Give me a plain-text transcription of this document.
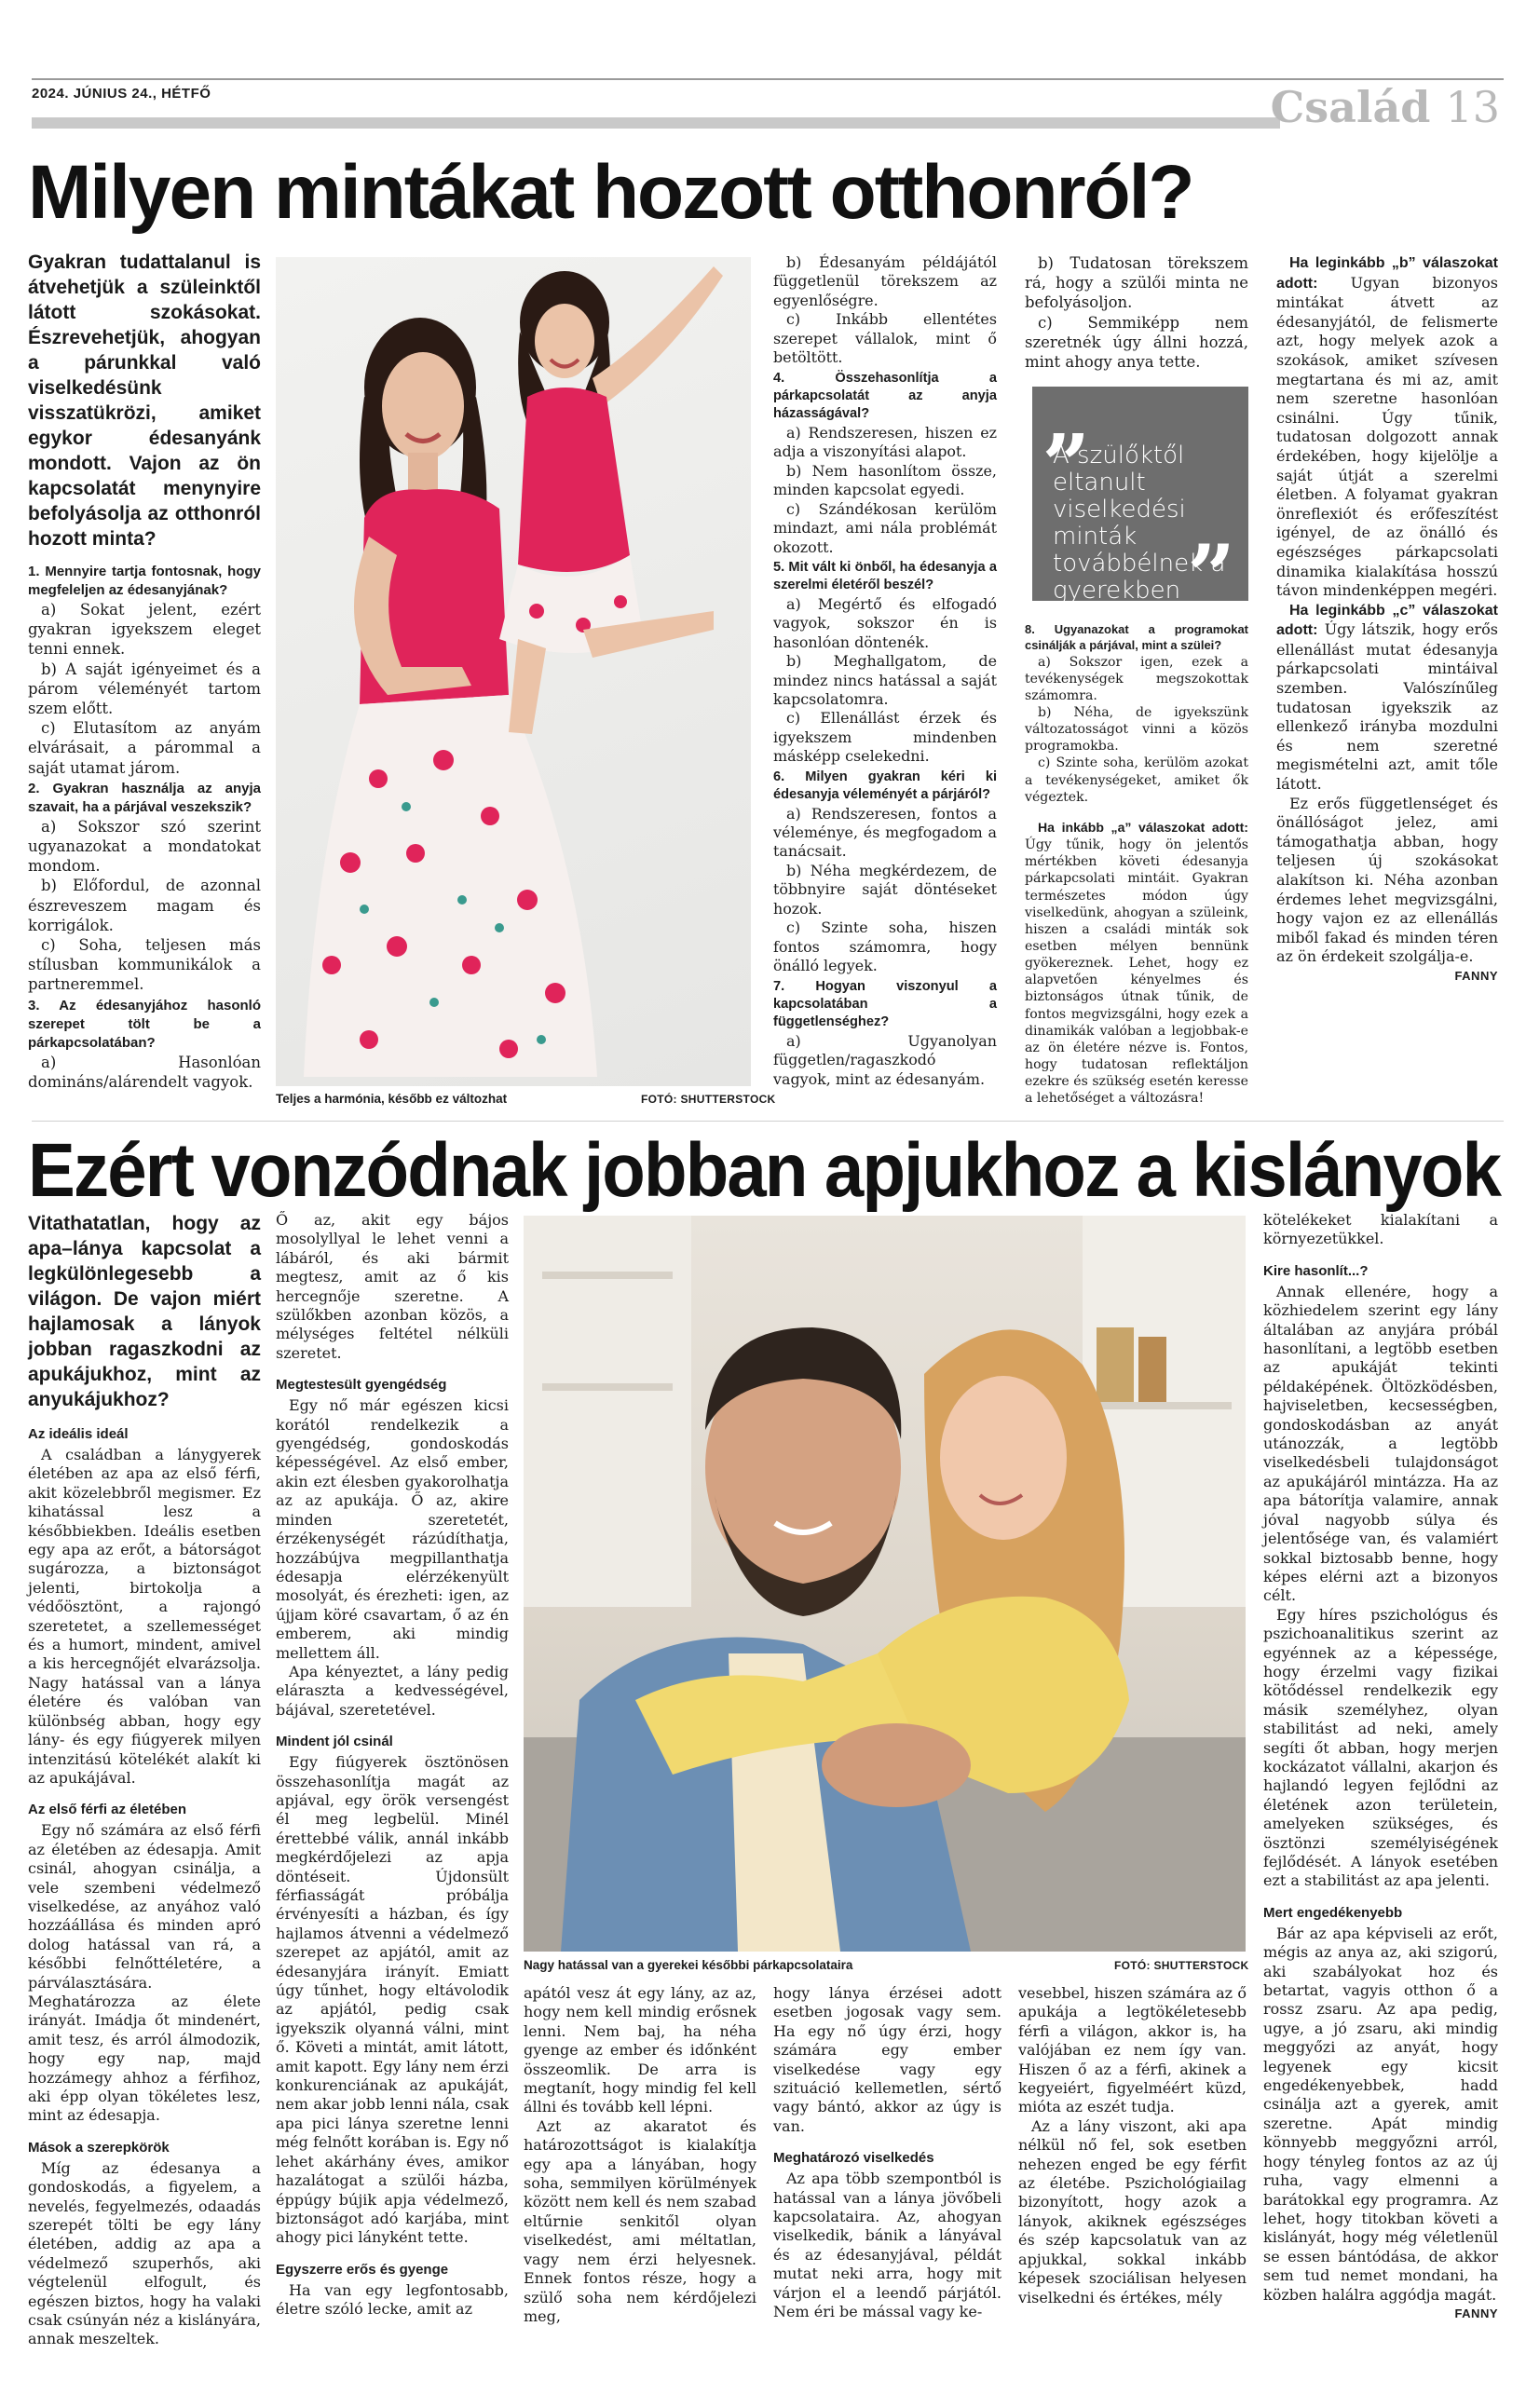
2024. JÚNIUS 24., HÉTFŐ	Család 13
Milyen mintákat hozott otthonról?
Gyakran tudattalanul is átvehetjük a szüleinktől látott szokásokat. Észrevehetjük, ahogyan a párunkkal való viselkedésünk visszatükrözi, amiket egykor édesanyánk mondott. Vajon az ön kapcsolatát menynyire befolyásolja az otthonról hozott minta?
1. Mennyire tartja fontosnak, hogy megfeleljen az édesanyjának?

a) Sokat jelent, ezért gyakran igyekszem eleget tenni ennek.

b) A saját igényeimet és a párom véleményét tartom szem előtt.

c) Elutasítom az anyám elvárásait, a párommal a saját utamat járom.

2. Gyakran használja az anyja szavait, ha a párjával veszekszik?

a) Sokszor szó szerint ugyanazokat a mondatokat mondom.

b) Előfordul, de azonnal észreveszem magam és korrigálok.

c) Soha, teljesen más stílusban kommunikálok a partneremmel.

3. Az édesanyjához hasonló szerepet tölt be a párkapcsolatában?

a) Hasonlóan domináns/alárendelt vagyok.

Teljes a harmónia, később ez változhat	FOTÓ: SHUTTERSTOCK

b) Édesanyám példájától függetlenül törekszem az egyenlőségre.

c) Inkább ellentétes szerepet vállalok, mint ő betöltött.

4. Összehasonlítja a párkapcsolatát az anyja házasságával?

a) Rendszeresen, hiszen ez adja a viszonyítási alapot.

b) Nem hasonlítom össze, minden kapcsolat egyedi.

c) Szándékosan kerülöm mindazt, ami nála problémát okozott.

5. Mit vált ki önből, ha édesanyja a szerelmi életéről beszél?

a) Megértő és elfogadó vagyok, sokszor én is hasonlóan döntenék.

b) Meghallgatom, de mindez nincs hatással a saját kapcsolatomra.

c) Ellenállást érzek és igyekszem mindenben másképp cselekedni.

6. Milyen gyakran kéri ki édesanyja véleményét a párjáról?

a) Rendszeresen, fontos a véleménye, és megfogadom a tanácsait.

b) Néha megkérdezem, de többnyire saját döntéseket hozok.

c) Szinte soha, hiszen fontos számomra, hogy önálló legyek.

7. Hogyan viszonyul a kapcsolatában a függetlenséghez?

a) Ugyanolyan független/ragaszkodó vagyok, mint az édesanyám.

b) Tudatosan törekszem rá, hogy a szülői minta ne befolyásoljon.

c) Semmiképp nem szeretnék úgy állni hozzá, mint ahogy anya tette.

„
A szülőktől eltanult viselkedési minták továbbélnek a gyerekben ”
8. Ugyanazokat a programokat csinálják a párjával, mint a szülei?

a) Sokszor igen, ezek a tevékenységek megszokottak számomra.

b) Néha, de igyekszünk változatosságot vinni a közös programokba.

c) Szinte soha, kerülöm azokat a tevékenységeket, amiket ők végeztek.

Ha inkább „a” válaszokat adott: Úgy tűnik, hogy ön jelentős mértékben követi édesanyja párkapcsolati mintáit. Gyakran természetes módon úgy viselkedünk, ahogyan a szüleink, hiszen a családi minták sok esetben mélyen bennünk gyökereznek. Lehet, hogy ez alapvetően kényelmes és biztonságos útnak tűnik, de fontos megvizsgálni, hogy ezek a dinamikák valóban a legjobbak-e az ön életére nézve is. Fontos, hogy tudatosan reflektáljon ezekre és szükség esetén keresse a lehetőséget a változásra!

Ha leginkább „b” válaszokat adott: Ugyan bizonyos mintákat átvett az édesanyjától, de felismerte azt, hogy melyek azok a szokások, amiket szívesen megtartana és mi az, amit nem szeretne hasonlóan csinálni. Úgy tűnik, tudatosan dolgozott annak érdekében, hogy kijelölje a saját útját a szerelmi életben. A folyamat gyakran önreflexiót és erőfeszítést igényel, de az önálló és egészséges párkapcsolati dinamika kialakítása hosszú távon mindenképpen megéri.

Ha leginkább „c” válaszokat adott: Úgy látszik, hogy erős ellenállást mutat édesanyja párkapcsolati mintáival szemben. Valószínűleg tudatosan igyekszik az ellenkező irányba mozdulni és nem szeretné megismételni azt, amit tőle látott.

Ez erős függetlenséget és önállóságot jelez, ami támogathatja abban, hogy teljesen új szokásokat alakítson ki. Néha azonban érdemes lehet megvizsgálni, hogy vajon ez az ellenállás miből fakad és minden téren az ön érdekeit szolgálja-e.

FANNY
Ezért vonzódnak jobban apjukhoz a kislányok
Vitathatatlan, hogy az apa–lánya kapcsolat a legkülönlegesebb a világon. De vajon miért hajlamosak a lányok jobban ragaszkodni az apukájukhoz, mint az anyukájukhoz?
Az ideális ideál

A családban a lánygyerek életében az apa az első férfi, akit közelebbről megismer. Ez kihatással lesz a későbbiekben. Ideális esetben egy apa az erőt, a bátorságot sugározza, a biztonságot jelenti, birtokolja a védőösztönt, a rajongó szeretetet, a szellemességet és a humort, mindent, amivel a kis hercegnőjét elvarázsolja. Nagy hatással van a lánya életére és valóban van különbség abban, hogy egy lány- és egy fiúgyerek milyen intenzitású kötelékét alakít ki az apukájával.

Az első férfi az életében

Egy nő számára az első férfi az életében az édesapja. Amit csinál, ahogyan csinálja, a vele szembeni védelmező viselkedése, az anyához való hozzáállása és minden apró dolog hatással van rá, a későbbi felnőttéletére, a párválasztására. Meghatározza az élete irányát. Imádja őt mindenért, amit tesz, és arról álmodozik, hogy egy nap, majd hozzámegy ahhoz a férfihoz, aki épp olyan tökéletes lesz, mint az édesapja.

Mások a szerepkörök

Míg az édesanya a gondoskodás, a figyelem, a nevelés, fegyelmezés, odaadás szerepét tölti be egy lány életében, addig az apa a védelmező szuperhős, aki végtelenül elfogult, és egészen biztos, hogy ha valaki csak csúnyán néz a kislányára, annak meszeltek.

Ő az, akit egy bájos mosolyllyal le lehet venni a lábáról, és aki bármit megtesz, amit az ő kis hercegnője szeretne. A szülőkben azonban közös, a mélységes feltétel nélküli szeretet.

Megtestesült gyengédség

Egy nő már egészen kicsi korától rendelkezik a gyengédség, gondoskodás képességével. Az első ember, akin ezt élesben gyakorolhatja az az apukája. Ő az, akire minden szeretetét, érzékenységét rázúdíthatja, hozzábújva megpillanthatja édesapja elérzékenyült mosolyát, és érezheti: igen, az újjam köré csavartam, ő az én emberem, aki mindig mellettem áll.

Apa kényeztet, a lány pedig eláraszta a kedvességével, bájával, szeretetével.

Mindent jól csinál

Egy fiúgyerek ösztönösen összehasonlítja magát az apjával, egy örök versengést él meg legbelül. Minél érettebbé válik, annál inkább megkérdőjelezi az apja döntéseit. Újdonsült férfiasságát próbálja érvényesíti a házban, és így hajlamos átvenni a védelmező szerepet az apjától, amit az édesanyjára irányít. Emiatt úgy tűnhet, hogy eltávolodik az apjától, pedig csak igyekszik olyanná válni, mint ő. Követi a mintát, amit látott, amit kapott. Egy lány nem érzi konkurenciának az apukáját, nem akar jobb lenni nála, csak apa pici lánya szeretne lenni még felnőtt korában is. Egy nő lehet akárhány éves, amikor hazalátogat a szülői házba, éppúgy bújik apja védelmező, biztonságot adó karjába, mint ahogy pici lányként tette.

Egyszerre erős és gyenge

Ha van egy legfontosabb, életre szóló lecke, amit az

Nagy hatással van a gyerekei későbbi párkapcsolataira	FOTÓ: SHUTTERSTOCK

apától vesz át egy lány, az az, hogy nem kell mindig erősnek lenni. Nem baj, ha néha gyenge az ember és időnként összeomlik. De arra is megtanít, hogy mindig fel kell állni és tovább kell lépni.

Azt az akaratot és határozottságot is kialakítja egy apa a lányában, hogy soha, semmilyen körülmények között nem kell és nem szabad eltűrnie senkitől olyan viselkedést, ami méltatlan, vagy nem érzi helyesnek. Ennek fontos része, hogy a szülő soha nem kérdőjelezi meg,

hogy lánya érzései adott esetben jogosak vagy sem. Ha egy nő úgy érzi, hogy számára egy ember viselkedése vagy egy szituáció kellemetlen, sértő vagy bántó, akkor az úgy is van.

Meghatározó viselkedés

Az apa több szempontból is hatással van a lánya jövőbeli kapcsolataira. Az, ahogyan viselkedik, bánik a lányával és az édesanyjával, példát mutat neki arra, hogy mit várjon el a leendő párjától. Nem éri be mással vagy ke-

vesebbel, hiszen számára az ő apukája a legtökéletesebb férfi a világon, akkor is, ha valójában ez nem így van. Hiszen ő az a férfi, akinek a kegyeiért, figyelméért küzd, mióta az eszét tudja.

Az a lány viszont, aki apa nélkül nő fel, sok esetben nehezen enged be egy férfit az életébe. Pszichológiailag bizonyított, hogy azok a lányok, akiknek egészséges és szép kapcsolatuk van az apjukkal, sokkal inkább képesek szociálisan helyesen viselkedni és értékes, mély

kötelékeket kialakítani a környezetükkel.

Kire hasonlít...?

Annak ellenére, hogy a közhiedelem szerint egy lány általában az anyjára próbál hasonlítani, a legtöbb esetben az apukáját tekinti példaképének. Öltözködésben, hajviseletben, kecsességben, gondoskodásban az anyát utánozzák, a legtöbb viselkedésbeli tulajdonságot az apukájáról mintázza. Ha az apa bátorítja valamire, annak jóval nagyobb súlya és jelentősége van, és valamiért sokkal biztosabb benne, hogy képes elérni azt a bizonyos célt.

Egy híres pszichológus és pszichoanalitikus szerint az egyénnek az a képessége, hogy érzelmi vagy fizikai kötődéssel rendelkezik egy másik személyhez, olyan stabilitást ad neki, amely segíti őt abban, hogy merjen kockázatot vállalni, akarjon és hajlandó legyen fejlődni az életének azon területein, amelyeken szükséges, és ösztönzi személyiségének fejlődését. A lányok esetében ezt a stabilitást az apa jelenti.

Mert engedékenyebb

Bár az apa képviseli az erőt, mégis az anya az, aki szigorú, aki szabályokat hoz és betartat, vagyis otthon ő a rossz zsaru. Az apa pedig, ugye, a jó zsaru, aki mindig meggyőzi az anyát, hogy legyenek egy kicsit engedékenyebbek, hadd csinálja azt a gyerek, amit szeretne. Apát mindig könnyebb meggyőzni arról, hogy tényleg fontos az az új ruha, vagy elmenni a barátokkal egy programra. Az lehet, hogy titokban követi a kislányát, hogy még véletlenül se essen bántódása, de akkor sem tud nemet mondani, ha közben halálra aggódja magát.

FANNY
